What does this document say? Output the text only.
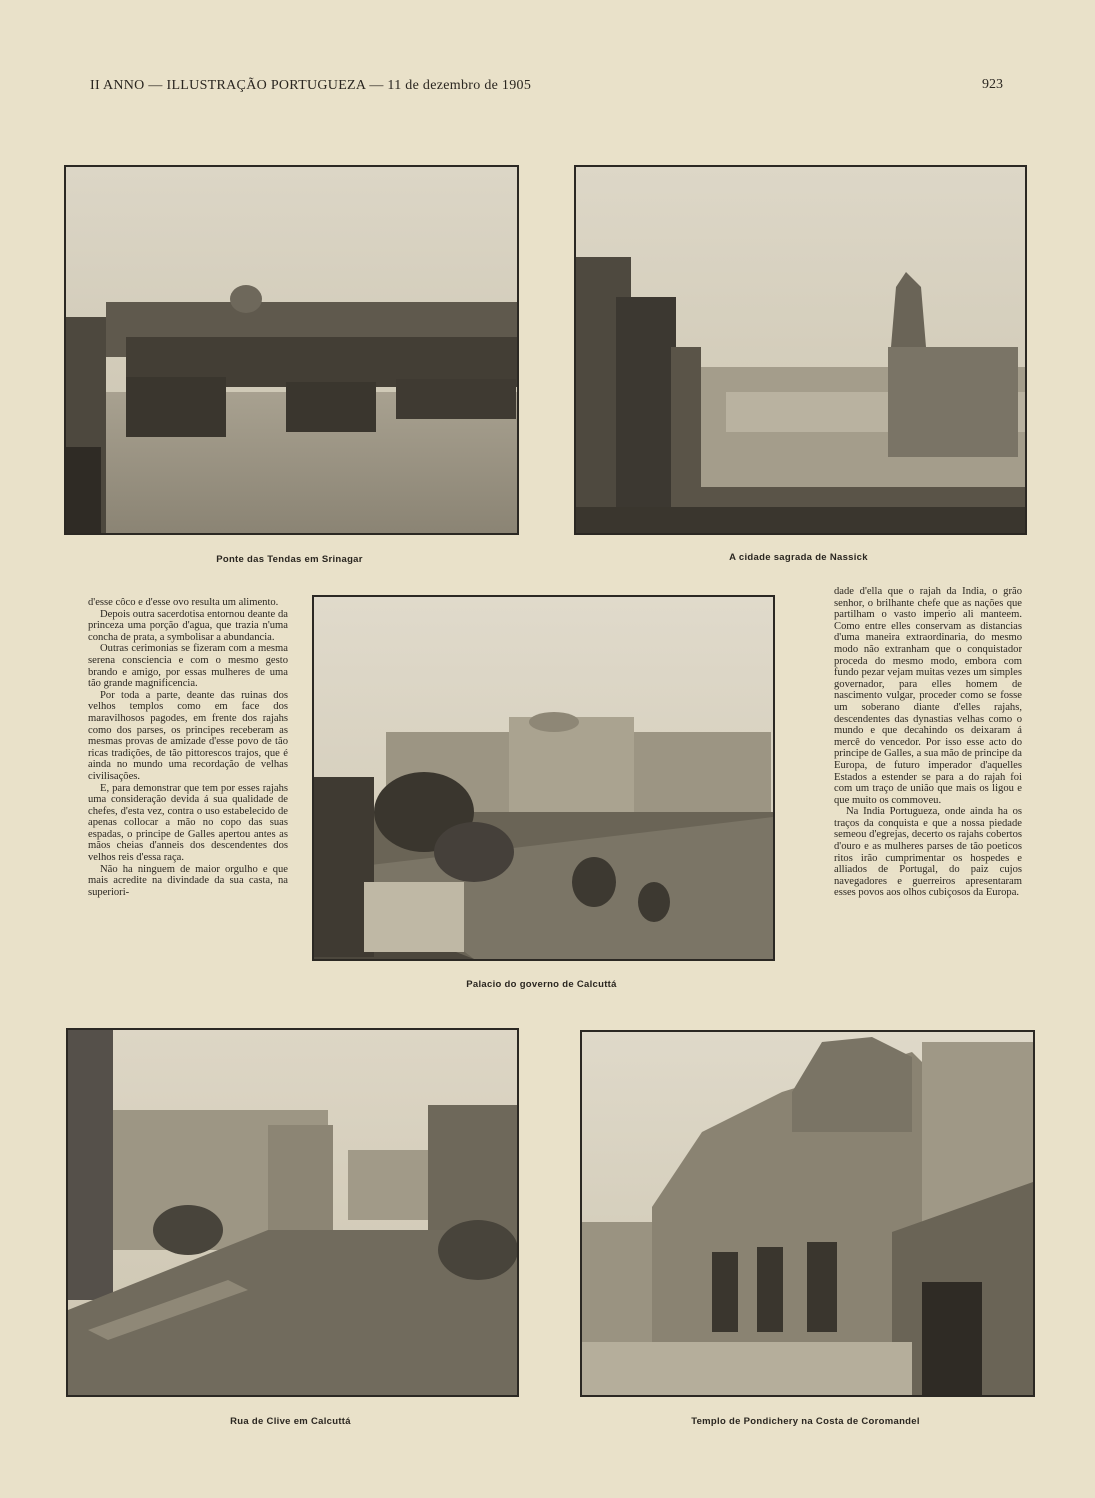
II ANNO — ILLUSTRAÇÃO PORTUGUEZA — 11 de dezembro de 1905	923
Ponte das Tendas em Srinagar	A cidade sagrada de Nassick

d'esse côco e d'esse ovo resulta um alimento.

Depois outra sacerdotisa entornou deante da princeza uma porção d'agua, que trazia n'uma concha de prata, a symbolisar a abundancia.

Outras cerimonias se fizeram com a mesma serena consciencia e com o mesmo gesto brando e amigo, por essas mulheres de uma tão grande magnificencia.

Por toda a parte, deante das ruinas dos velhos templos como em face dos maravilhosos pagodes, em frente dos rajahs como dos parses, os principes receberam as mesmas provas de amizade d'esse povo de tão ricas tradições, de tão pittorescos trajos, que é ainda no mundo uma recordação de velhas civilisações.

E, para demonstrar que tem por esses rajahs uma consideração devida á sua qualidade de chefes, d'esta vez, contra o uso estabelecido de apenas collocar a mão no copo das suas espadas, o principe de Galles apertou antes as mãos cheias d'anneis dos descendentes dos velhos reis d'essa raça.

Não ha ninguem de maior orgulho e que mais acredite na divindade da sua casta, na superiori-

Palacio do governo de Calcuttá

dade d'ella que o rajah da India, o grão senhor, o brilhante chefe que as nações que partilham o vasto imperio ali manteem. Como entre elles conservam as distancias d'uma maneira extraordinaria, do mesmo modo não extranham que o conquistador proceda do mesmo modo, embora com fundo pezar vejam muitas vezes um simples governador, para elles homem de nascimento vulgar, proceder como se fosse um soberano diante d'elles rajahs, descendentes das dynastias velhas como o mundo e que decahindo os deixaram á mercê do vencedor. Por isso esse acto do principe de Galles, a sua mão de principe da Europa, de futuro imperador d'aquelles Estados a estender se para a do rajah foi com um traço de união que mais os ligou e que muito os commoveu.

Na India Portugueza, onde ainda ha os traços da conquista e que a nossa piedade semeou d'egrejas, decerto os rajahs cobertos d'ouro e as mulheres parses de tão poeticos ritos irão cumprimentar os hospedes e alliados de Portugal, do paiz cujos navegadores e guerreiros apresentaram esses povos aos olhos cubiçosos da Europa.

Rua de Clive em Calcuttá	Templo de Pondichery na Costa de Coromandel
